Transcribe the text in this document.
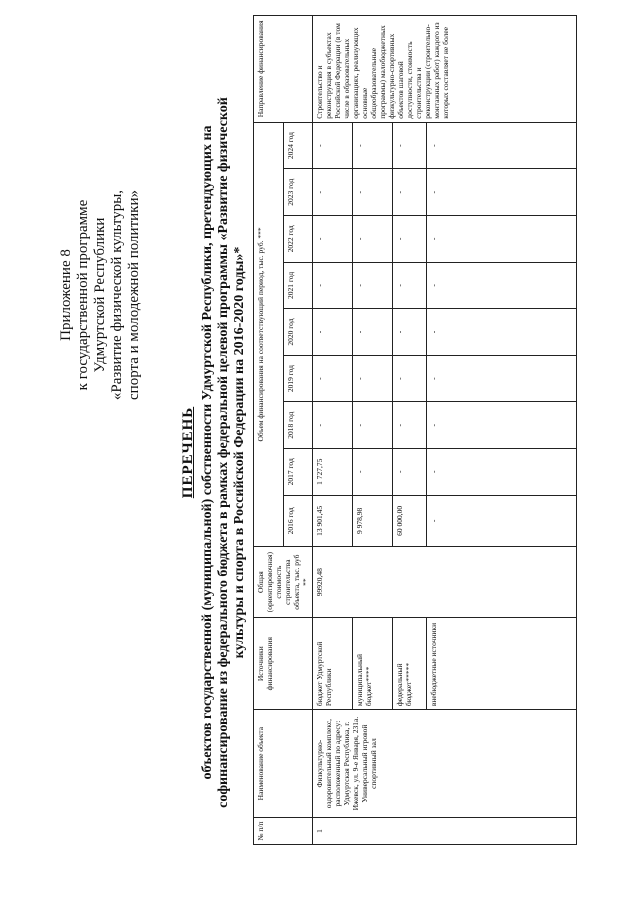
Приложение 8 к государственной программе Удмуртской Республики «Развитие физической культуры, спорта и молодежной политики»
ПЕРЕЧЕНЬ объектов государственной (муниципальной) собственности Удмуртской Республики, претендующих на софинансирование из федерального бюджета в рамках федеральной целевой программы «Развитие физической культуры и спорта в Российской Федерации на 2016-2020 годы»*
№ п/п	Наименование объекта	Источники финансирования	Общая (ориентировочная) стоимость строительства объекта, тыс. руб **	Объем финансирования на соответствующий период, тыс. руб. ***									Направление финансирования
				2016 год	2017 год	2018 год	2019 год	2020 год	2021 год	2022 год	2023 год	2024 год	
1	Физкультурно-оздоровительный комплекс, расположенный по адресу: Удмуртская Республика, г. Ижевск, ул. 9-е Января, 231а. Универсальный игровой спортивный зал	бюджет Удмуртской Республики	99920,48	13 901,45	1 727,75	-	-	-	-	-	-	-	Строительство и реконструкция в субъектах Российской Федерации (в том числе в образовательных организациях, реализующих основные общеобразовательные программы) малобюджетных физкультурно-спортивных объектов шаговой доступности, стоимость строительства и реконструкции (строительно-монтажных работ) каждого из которых составляет не более
		муниципальный бюджет****		9 978,98	-	-	-	-	-	-	-	-	
		федеральный бюджет*****		60 000,00	-	-	-	-	-	-	-	-	
		внебюджетные источники		-	-	-	-	-	-	-	-	-	
